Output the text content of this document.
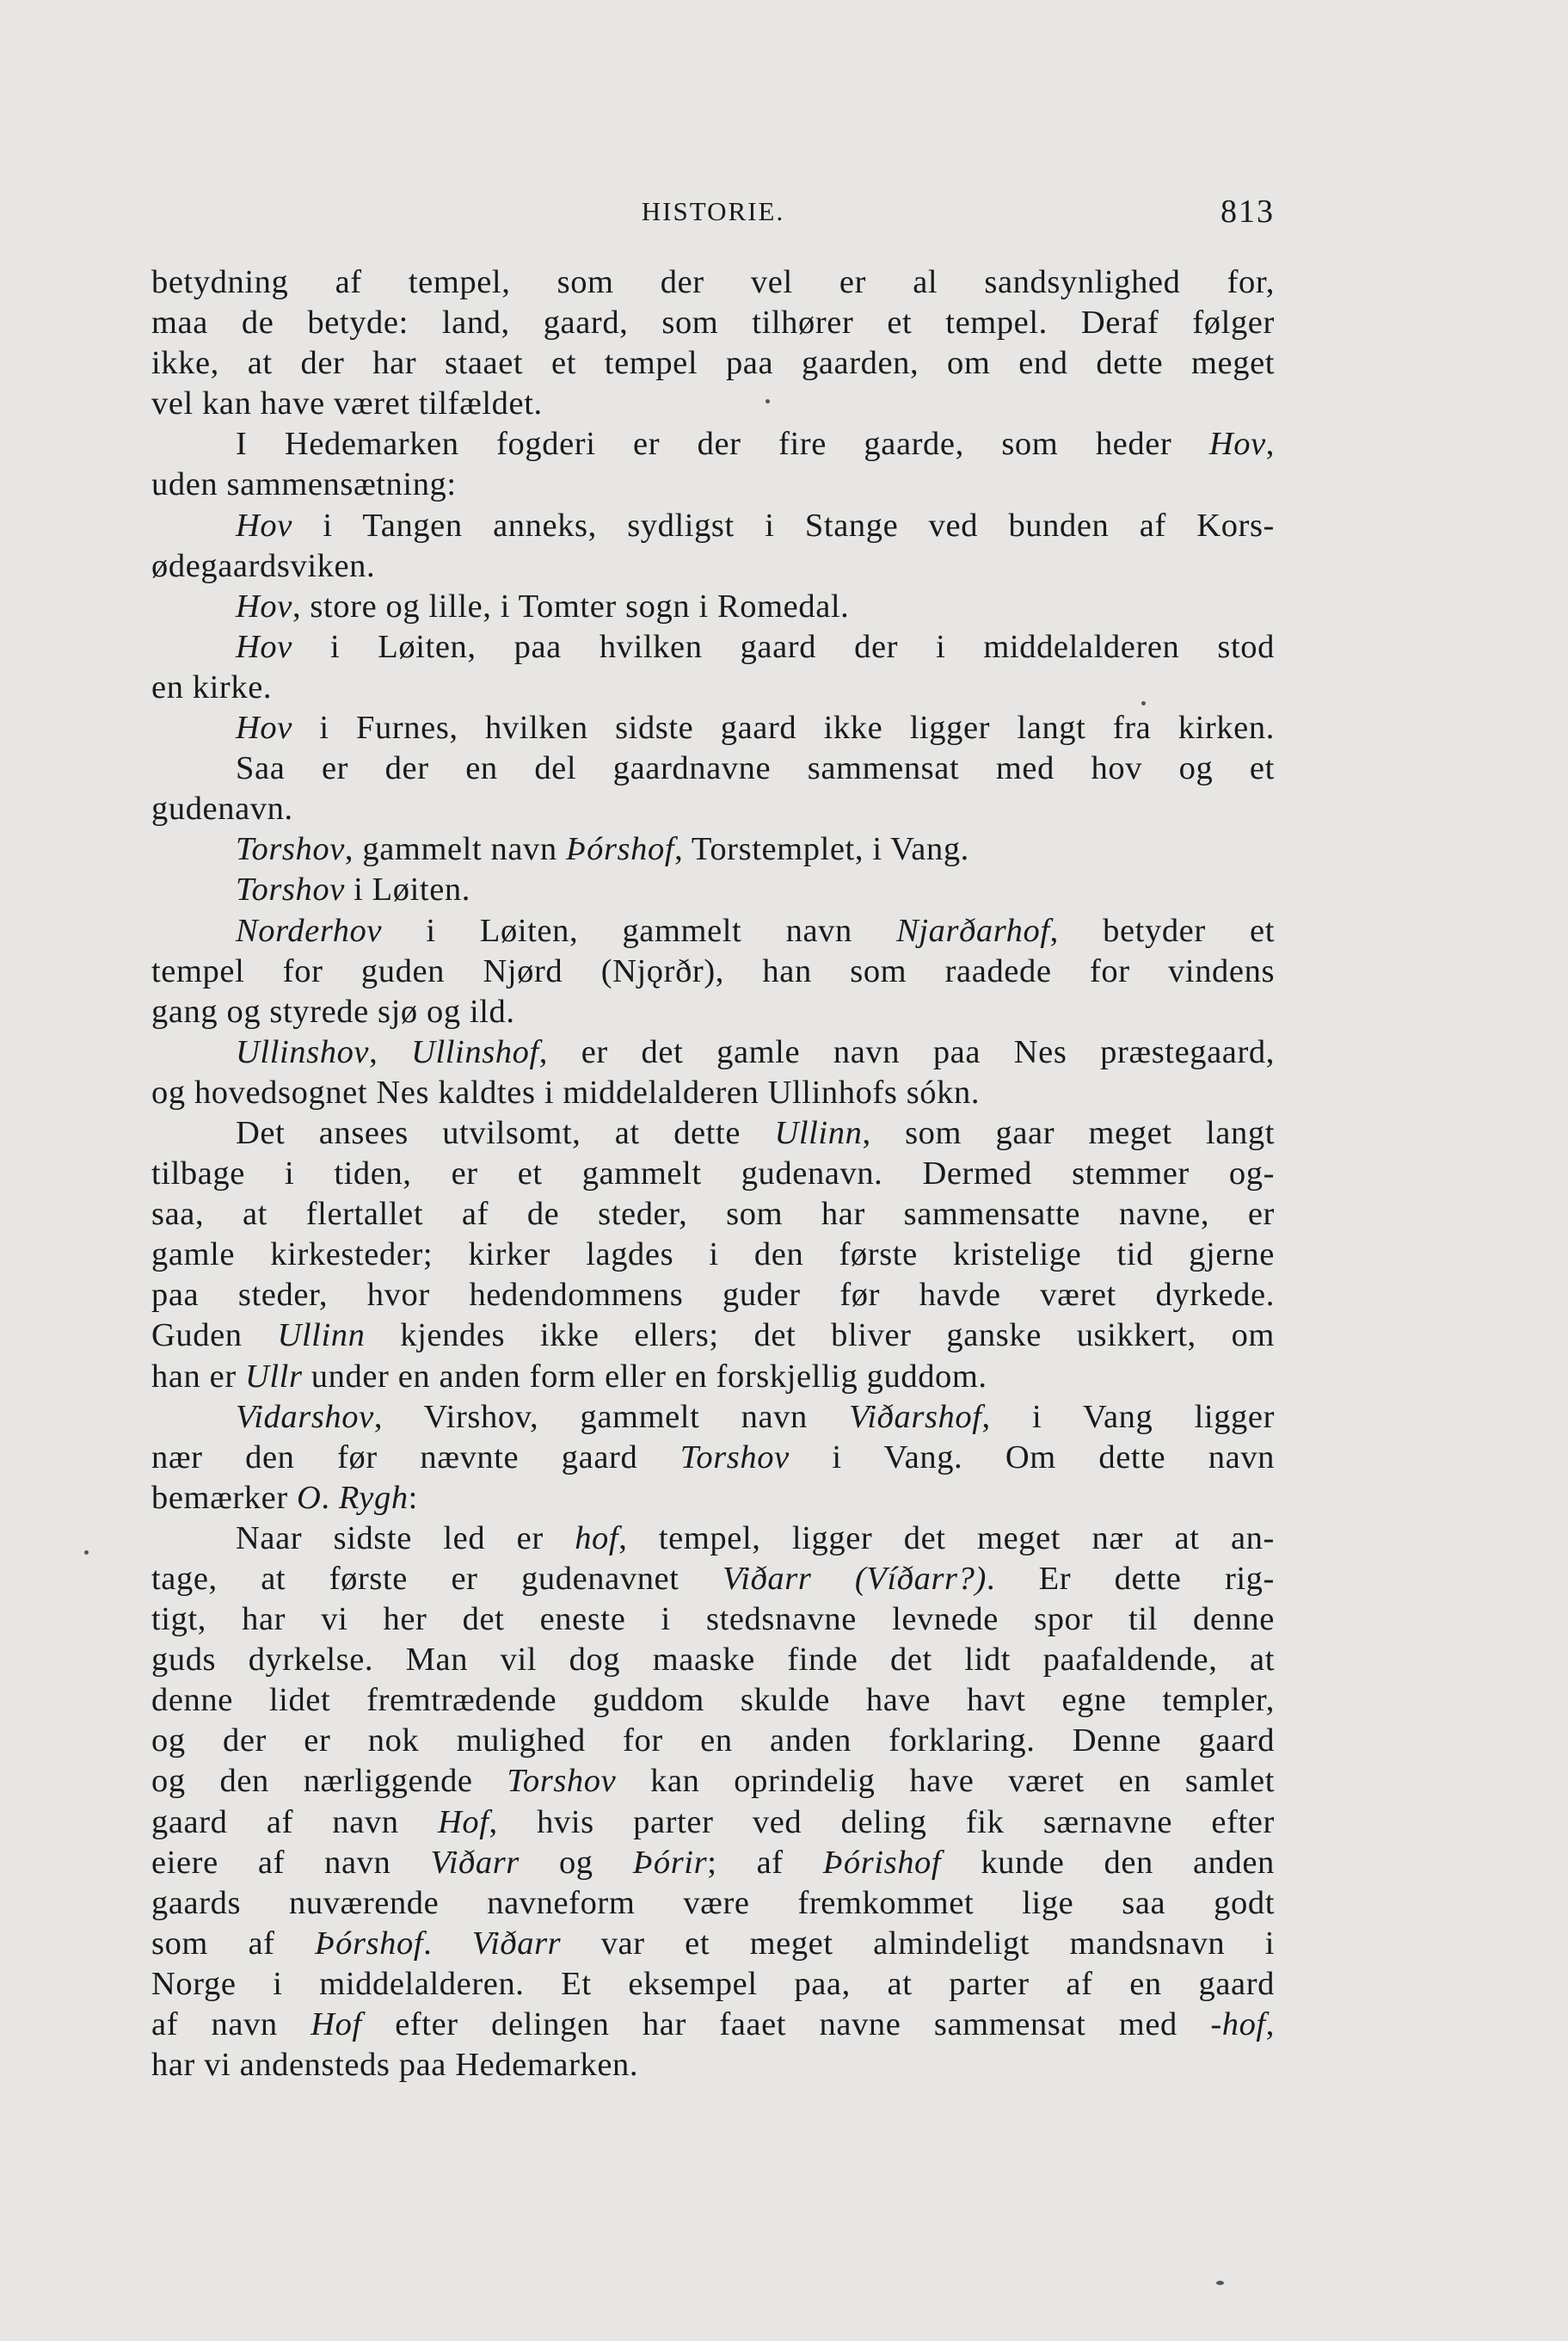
HISTORIE.	813
betydning af tempel, som der vel er al sandsynlighed for,
maa de betyde: land, gaard, som tilhører et tempel. Deraf følger
ikke, at der har staaet et tempel paa gaarden, om end dette meget
vel kan have været tilfældet.
I Hedemarken fogderi er der fire gaarde, som heder Hov,
uden sammensætning:
Hov i Tangen anneks, sydligst i Stange ved bunden af Kors-
ødegaardsviken.
Hov, store og lille, i Tomter sogn i Romedal.
Hov i Løiten, paa hvilken gaard der i middelalderen stod
en kirke.
Hov i Furnes, hvilken sidste gaard ikke ligger langt fra kirken.
Saa er der en del gaardnavne sammensat med hov og et
gudenavn.
Torshov, gammelt navn Þórshof, Torstemplet, i Vang.
Torshov i Løiten.
Norderhov i Løiten, gammelt navn Njarðarhof, betyder et
tempel for guden Njørd (Njǫrðr), han som raadede for vindens
gang og styrede sjø og ild.
Ullinshov, Ullinshof, er det gamle navn paa Nes præstegaard,
og hovedsognet Nes kaldtes i middelalderen Ullinhofs sókn.
Det ansees utvilsomt, at dette Ullinn, som gaar meget langt
tilbage i tiden, er et gammelt gudenavn. Dermed stemmer og-
saa, at flertallet af de steder, som har sammensatte navne, er
gamle kirkesteder; kirker lagdes i den første kristelige tid gjerne
paa steder, hvor hedendommens guder før havde været dyrkede.
Guden Ullinn kjendes ikke ellers; det bliver ganske usikkert, om
han er Ullr under en anden form eller en forskjellig guddom.
Vidarshov, Virshov, gammelt navn Viðarshof, i Vang ligger
nær den før nævnte gaard Torshov i Vang. Om dette navn
bemærker O. Rygh:
Naar sidste led er hof, tempel, ligger det meget nær at an-
tage, at første er gudenavnet Viðarr (Víðarr?). Er dette rig-
tigt, har vi her det eneste i stedsnavne levnede spor til denne
guds dyrkelse. Man vil dog maaske finde det lidt paafaldende, at
denne lidet fremtrædende guddom skulde have havt egne templer,
og der er nok mulighed for en anden forklaring. Denne gaard
og den nærliggende Torshov kan oprindelig have været en samlet
gaard af navn Hof, hvis parter ved deling fik særnavne efter
eiere af navn Viðarr og Þórir; af Þórishof kunde den anden
gaards nuværende navneform være fremkommet lige saa godt
som af Þórshof. Viðarr var et meget almindeligt mandsnavn i
Norge i middelalderen. Et eksempel paa, at parter af en gaard
af navn Hof efter delingen har faaet navne sammensat med -hof,
har vi andensteds paa Hedemarken.
